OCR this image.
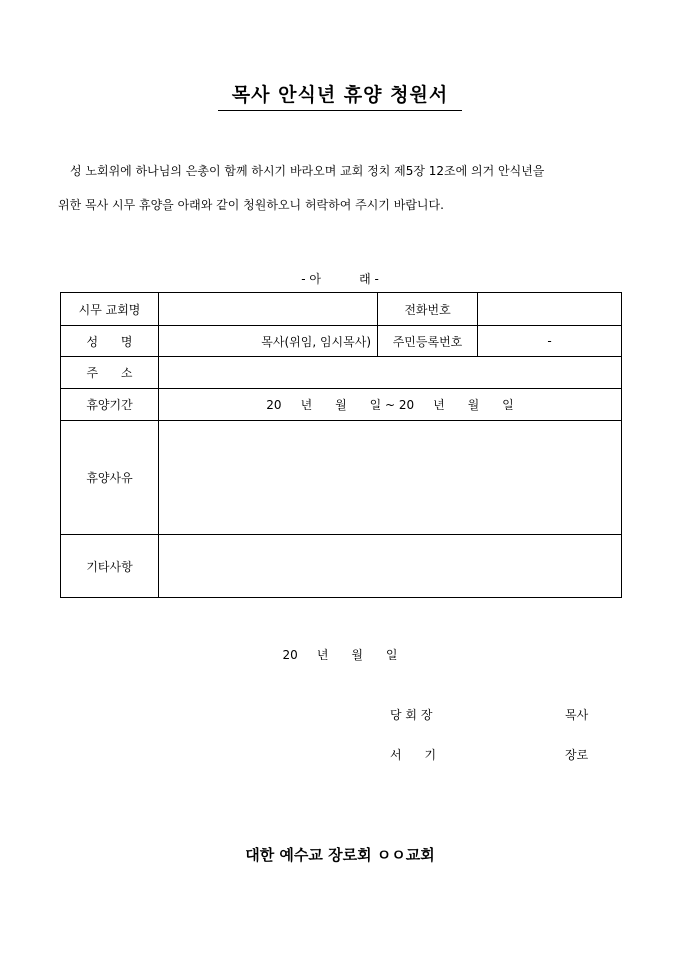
목사 안식년 휴양 청원서
성 노회위에 하나님의 은총이 함께 하시기 바라오며 교회 정치 제5장 12조에 의거 안식년을
위한 목사 시무 휴양을 아래와 같이 청원하오니 허락하여 주시기 바랍니다.
- 아          래 -
시무 교회명		전화번호	
성      명	목사(위임, 임시목사)	주민등록번호	-
주      소			
휴양기간	20     년      월      일 ~ 20     년      월      일		
휴양사유			
기타사항			
20     년      월      일
당 회 장	목사
서      기	장로
대한 예수교 장로회 ㅇㅇ교회
